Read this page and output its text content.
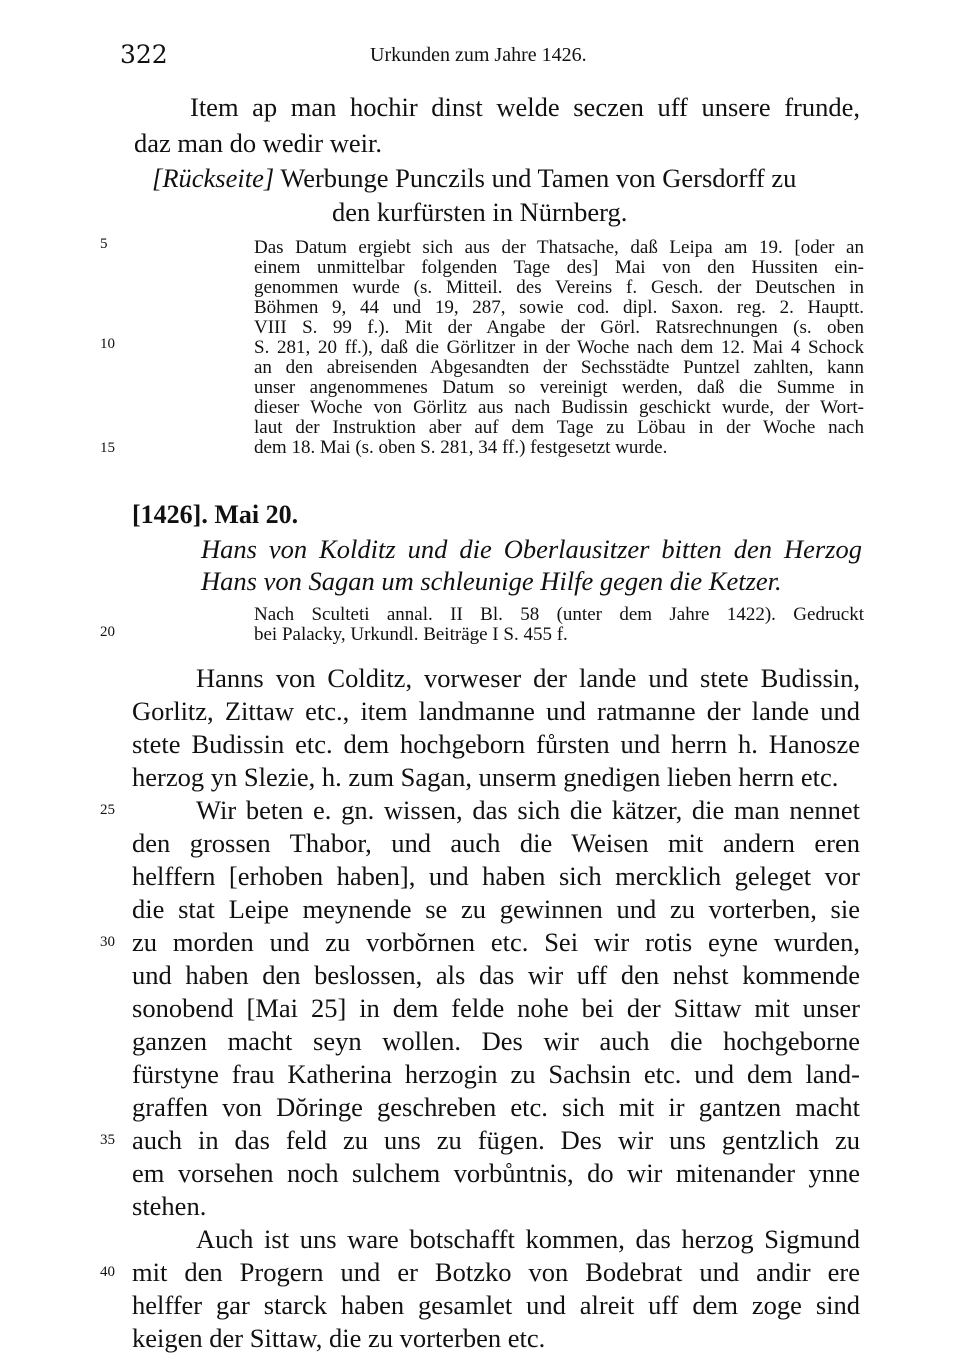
322	Urkunden zum Jahre 1426.
Item ap man hochir dinst welde seczen uff unsere frunde,
daz man do wedir weir.
[Rückseite] Werbunge Punczils und Tamen von Gersdorff zu
den kurfürsten in Nürnberg.
Das Datum ergiebt sich aus der Thatsache, daß Leipa am 19. [oder an
einem unmittelbar folgenden Tage des] Mai von den Hussiten ein-
genommen wurde (s. Mitteil. des Vereins f. Gesch. der Deutschen in
Böhmen 9, 44 und 19, 287, sowie cod. dipl. Saxon. reg. 2. Hauptt.
VIII S. 99 f.). Mit der Angabe der Görl. Ratsrechnungen (s. oben
S. 281, 20 ff.), daß die Görlitzer in der Woche nach dem 12. Mai 4 Schock
an den abreisenden Abgesandten der Sechsstädte Puntzel zahlten, kann
unser angenommenes Datum so vereinigt werden, daß die Summe in
dieser Woche von Görlitz aus nach Budissin geschickt wurde, der Wort-
laut der Instruktion aber auf dem Tage zu Löbau in der Woche nach
dem 18. Mai (s. oben S. 281, 34 ff.) festgesetzt wurde.
[1426]. Mai 20.
Hans von Kolditz und die Oberlausitzer bitten den Herzog
Hans von Sagan um schleunige Hilfe gegen die Ketzer.
Nach Sculteti annal. II Bl. 58 (unter dem Jahre 1422). Gedruckt
bei Palacky, Urkundl. Beiträge I S. 455 f.
Hanns von Colditz, vorweser der lande und stete Budissin,
Gorlitz, Zittaw etc., item landmanne und ratmanne der lande und
stete Budissin etc. dem hochgeborn fůrsten und herrn h. Hanosze
herzog yn Slezie, h. zum Sagan, unserm gnedigen lieben herrn etc.
Wir beten e. gn. wissen, das sich die kätzer, die man nennet
den grossen Thabor, und auch die Weisen mit andern eren
helffern [erhoben haben], und haben sich mercklich geleget vor
die stat Leipe meynende se zu gewinnen und zu vorterben, sie
zu morden und zu vorbŏrnen etc. Sei wir rotis eyne wurden,
und haben den beslossen, als das wir uff den nehst kommende
sonobend [Mai 25] in dem felde nohe bei der Sittaw mit unser
ganzen macht seyn wollen. Des wir auch die hochgeborne
fürstyne frau Katherina herzogin zu Sachsin etc. und dem land-
graffen von Dŏringe geschreben etc. sich mit ir gantzen macht
auch in das feld zu uns zu fügen. Des wir uns gentzlich zu
em vorsehen noch sulchem vorbůntnis, do wir mitenander ynne
stehen.
Auch ist uns ware botschafft kommen, das herzog Sigmund
mit den Progern und er Botzko von Bodebrat und andir ere
helffer gar starck haben gesamlet und alreit uff dem zoge sind
keigen der Sittaw, die zu vorterben etc.
5
10
15
20
25
30
35
40
